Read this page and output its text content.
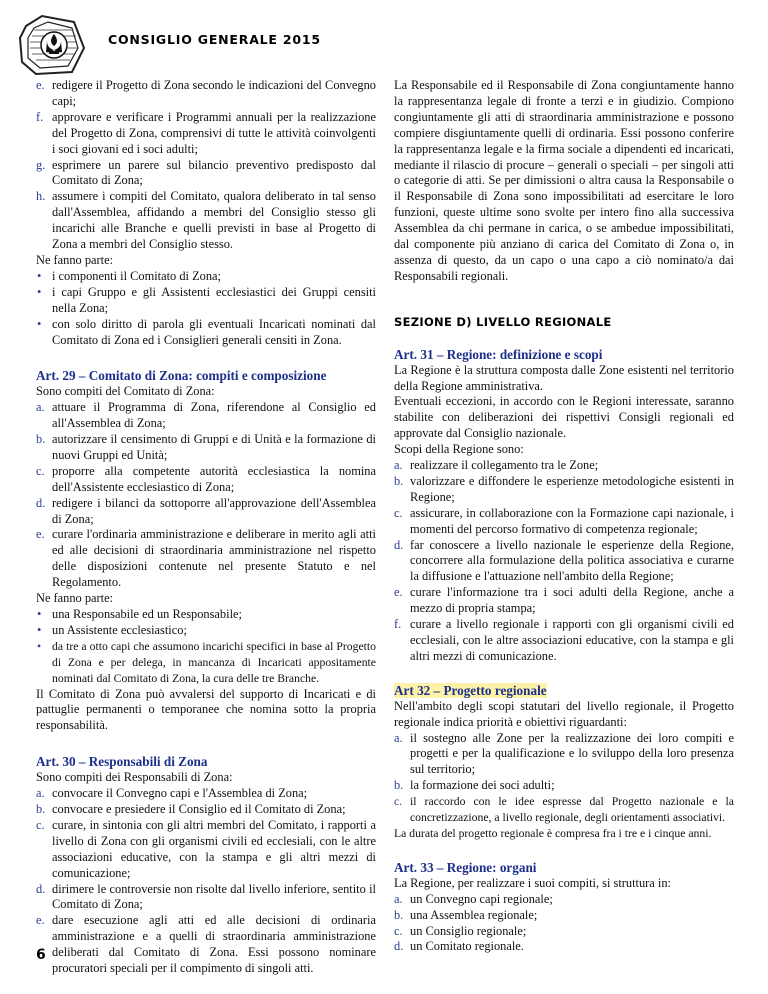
CONSIGLIO GENERALE 2015
e. redigere il Progetto di Zona secondo le indicazioni del Convegno capi;
f. approvare e verificare i Programmi annuali per la realizzazione del Progetto di Zona, comprensivi di tutte le attività coinvolgenti i soci giovani ed i soci adulti;
g. esprimere un parere sul bilancio preventivo predisposto dal Comitato di Zona;
h. assumere i compiti del Comitato, qualora deliberato in tal senso dall'Assemblea, affidando a membri del Consiglio stesso gli incarichi alle Branche e quelli previsti in base al Progetto di Zona a membri del Consiglio stesso.

Ne fanno parte:

• i componenti il Comitato di Zona;
• i capi Gruppo e gli Assistenti ecclesiastici dei Gruppi censiti nella Zona;
• con solo diritto di parola gli eventuali Incaricati nominati dal Comitato di Zona ed i Consiglieri generali censiti in Zona.

Art. 29 – Comitato di Zona: compiti e composizione

Sono compiti del Comitato di Zona:

a. attuare il Programma di Zona, riferendone al Consiglio ed all'Assemblea di Zona;
b. autorizzare il censimento di Gruppi e di Unità e la formazione di nuovi Gruppi ed Unità;
c. proporre alla competente autorità ecclesiastica la nomina dell'Assistente ecclesiastico di Zona;
d. redigere i bilanci da sottoporre all'approvazione dell'Assemblea di Zona;
e. curare l'ordinaria amministrazione e deliberare in merito agli atti ed alle decisioni di straordinaria amministrazione nel rispetto delle disposizioni contenute nel presente Statuto e nel Regolamento.

Ne fanno parte:

• una Responsabile ed un Responsabile;
• un Assistente ecclesiastico;
• da tre a otto capi che assumono incarichi specifici in base al Progetto di Zona e per delega, in mancanza di Incaricati appositamente nominati dal Comitato di Zona, la cura delle tre Branche.

Il Comitato di Zona può avvalersi del supporto di Incaricati e di pattuglie permanenti o temporanee che nomina sotto la propria responsabilità.

Art. 30 – Responsabili di Zona

Sono compiti dei Responsabili di Zona:

a. convocare il Convegno capi e l'Assemblea di Zona;
b. convocare e presiedere il Consiglio ed il Comitato di Zona;
c. curare, in sintonia con gli altri membri del Comitato, i rapporti a livello di Zona con gli organismi civili ed ecclesiali, con le altre associazioni educative, con la stampa e gli altri mezzi di comunicazione;
d. dirimere le controversie non risolte dal livello inferiore, sentito il Comitato di Zona;
e. dare esecuzione agli atti ed alle decisioni di ordinaria amministrazione e a quelli di straordinaria amministrazione deliberati dal Comitato di Zona. Essi possono nominare procuratori speciali per il compimento di singoli atti.

La Responsabile ed il Responsabile di Zona congiuntamente hanno la rappresentanza legale di fronte a terzi e in giudizio. Compiono congiuntamente gli atti di straordinaria amministrazione e possono compiere disgiuntamente quelli di ordinaria. Essi possono conferire la rappresentanza legale e la firma sociale a dipendenti ed incaricati, mediante il rilascio di procure – generali o speciali – per singoli atti o categorie di atti. Se per dimissioni o altra causa la Responsabile o il Responsabile di Zona sono impossibilitati ad esercitare le loro funzioni, queste ultime sono svolte per intero fino alla successiva Assemblea da chi permane in carica, o se ambedue impossibilitati, dal componente più anziano di carica del Comitato di Zona o, in assenza di questo, da un capo o una capo a ciò nominato/a dai Responsabili regionali.

SEZIONE D) LIVELLO REGIONALE

Art. 31 – Regione: definizione e scopi

La Regione è la struttura composta dalle Zone esistenti nel territorio della Regione amministrativa.

Eventuali eccezioni, in accordo con le Regioni interessate, saranno stabilite con deliberazioni dei rispettivi Consigli regionali ed approvate dal Consiglio nazionale.

Scopi della Regione sono:

a. realizzare il collegamento tra le Zone;
b. valorizzare e diffondere le esperienze metodologiche esistenti in Regione;
c. assicurare, in collaborazione con la Formazione capi nazionale, i momenti del percorso formativo di competenza regionale;
d. far conoscere a livello nazionale le esperienze della Regione, concorrere alla formulazione della politica associativa e curarne la diffusione e l'attuazione nell'ambito della Regione;
e. curare l'informazione tra i soci adulti della Regione, anche a mezzo di propria stampa;
f. curare a livello regionale i rapporti con gli organismi civili ed ecclesiali, con le altre associazioni educative, con la stampa e gli altri mezzi di comunicazione.

Art 32 – Progetto regionale

Nell'ambito degli scopi statutari del livello regionale, il Progetto regionale indica priorità e obiettivi riguardanti:

a. il sostegno alle Zone per la realizzazione dei loro compiti e progetti e per la qualificazione e lo sviluppo della loro presenza sul territorio;
b. la formazione dei soci adulti;
c. il raccordo con le idee espresse dal Progetto nazionale e la concretizzazione, a livello regionale, degli orientamenti associativi.

La durata del progetto regionale è compresa fra i tre e i cinque anni.

Art. 33 – Regione: organi

La Regione, per realizzare i suoi compiti, si struttura in:

a. un Convegno capi regionale;
b. una Assemblea regionale;
c. un Consiglio regionale;
d. un Comitato regionale.
6
